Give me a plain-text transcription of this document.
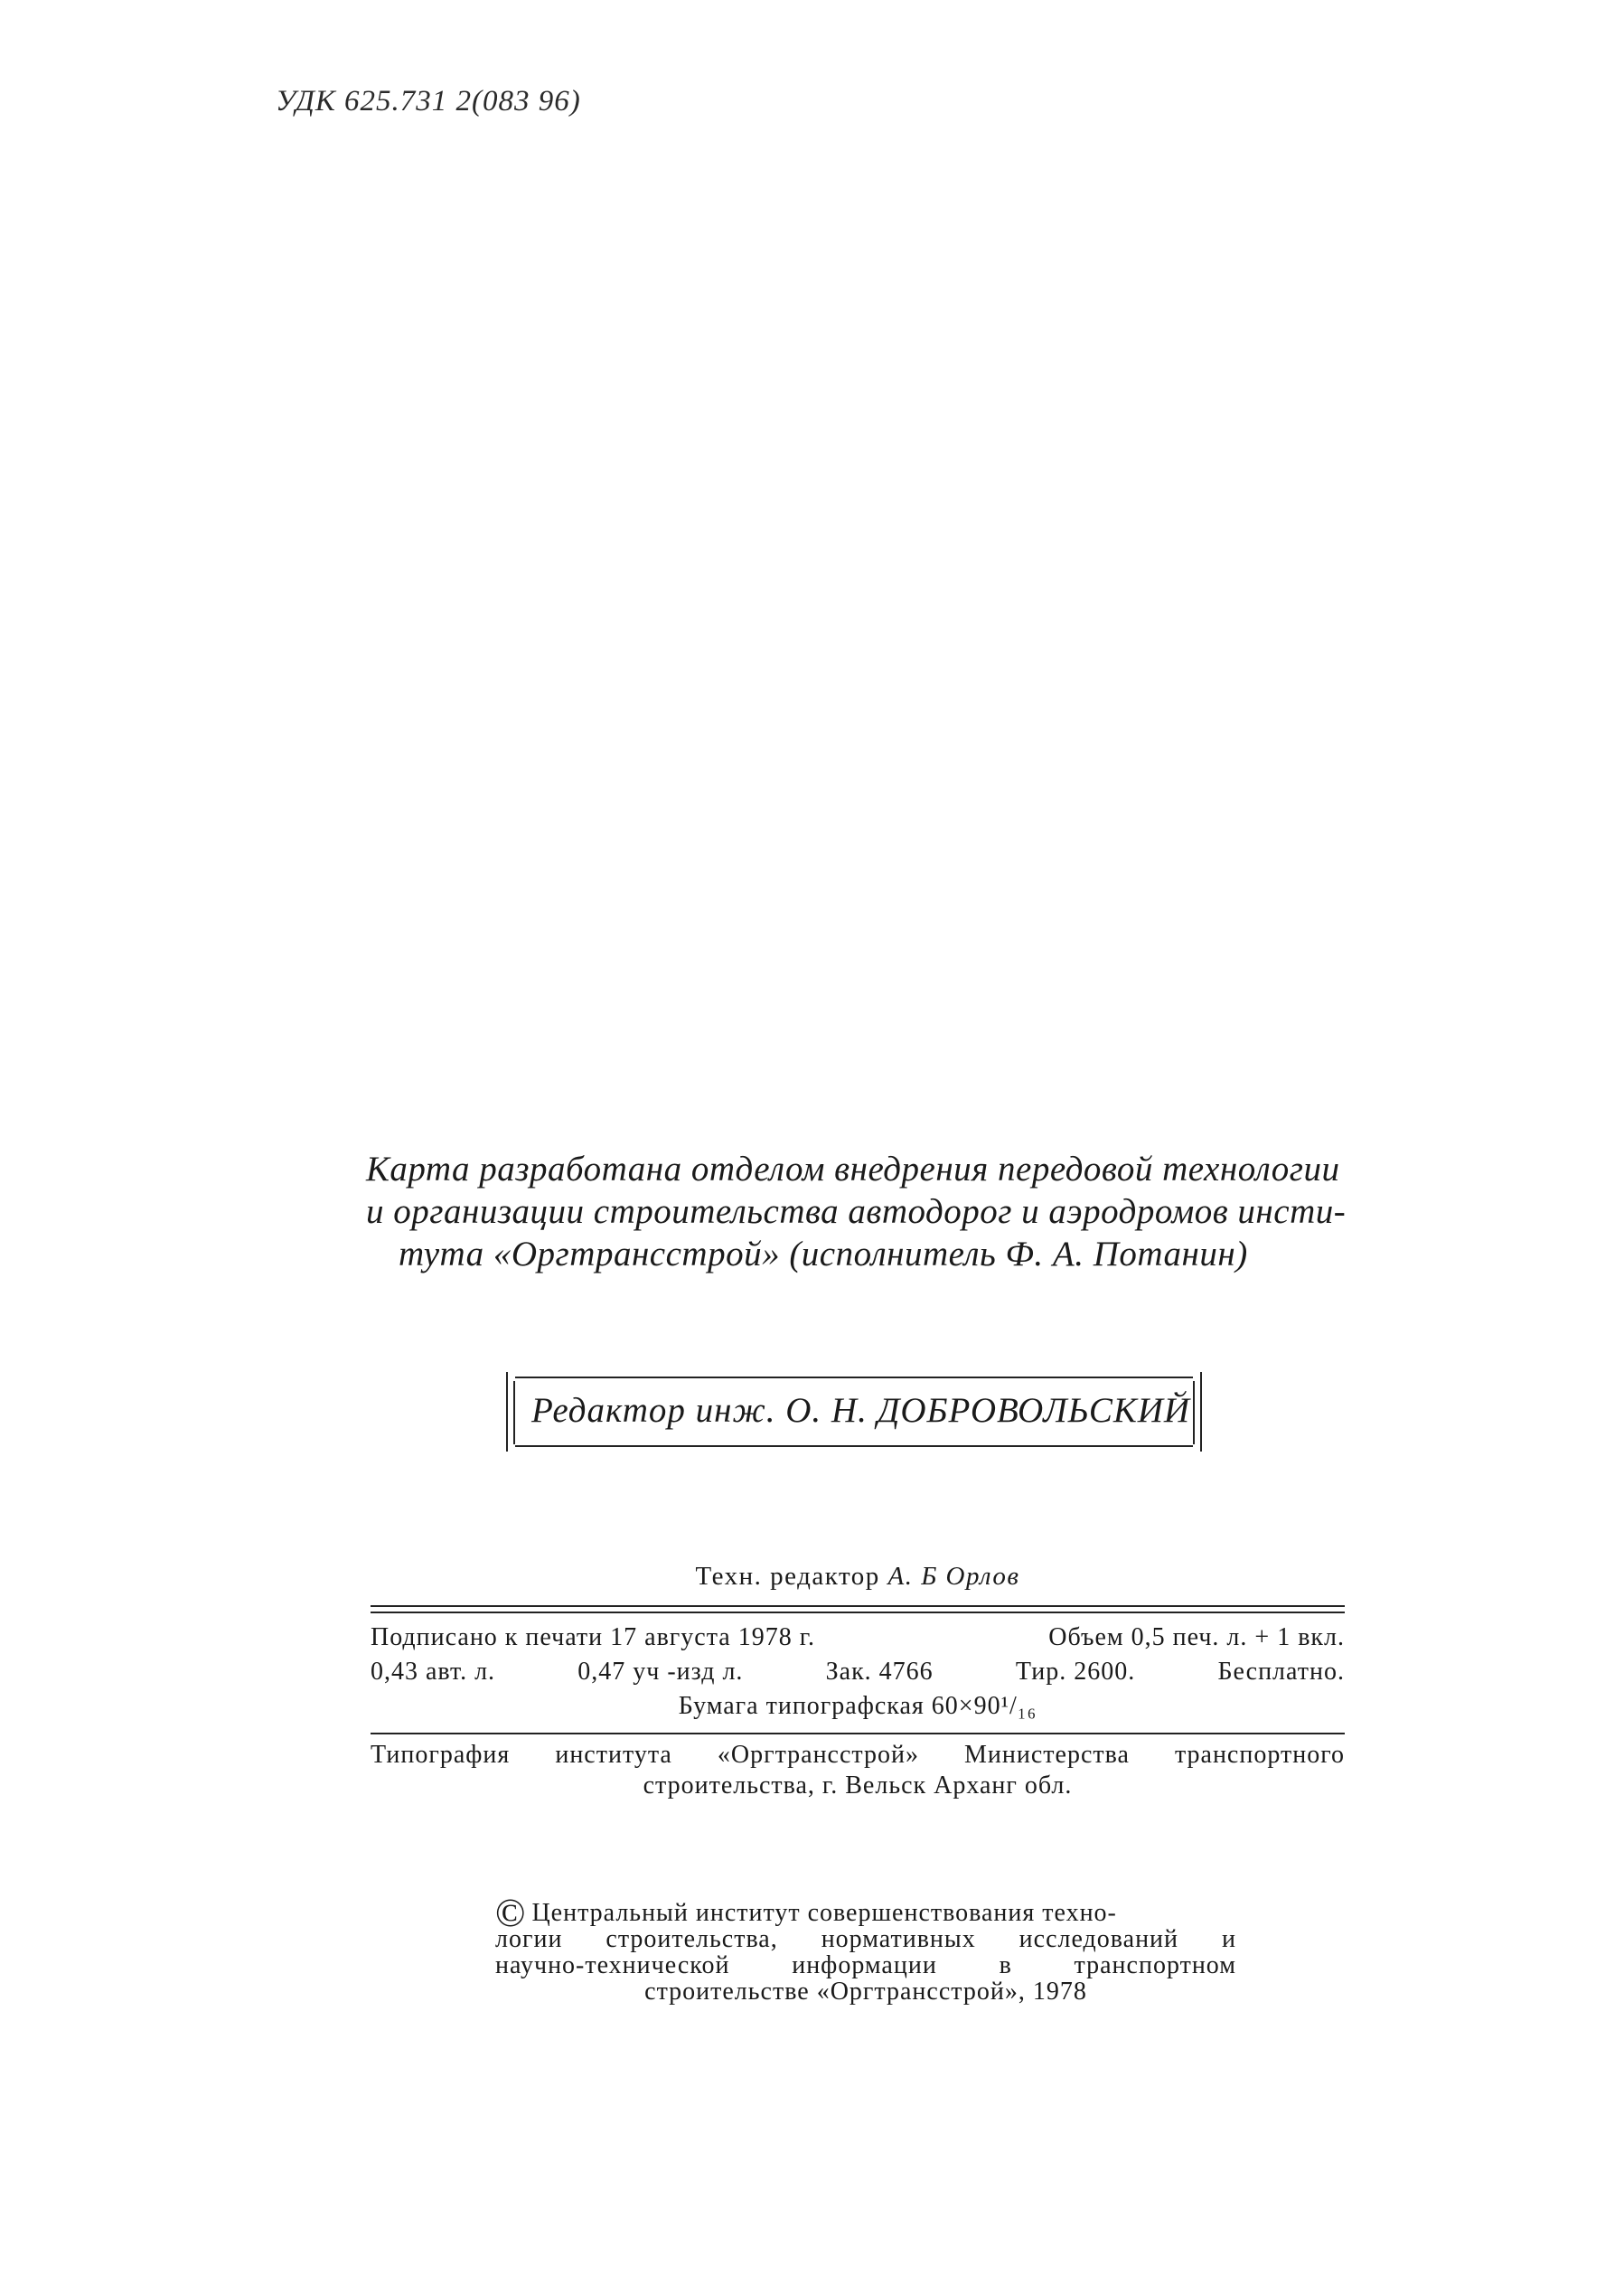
УДК 625.731 2(083 96)
Карта разработана отделом внедрения передовой технологии
и организации строительства автодорог и аэродромов инсти-
тута «Оргтрансстрой» (исполнитель Ф. А. Потанин)
Редактор инж. О. Н. ДОБРОВОЛЬСКИЙ
Техн. редактор А. Б Орлов
Подписано к печати 17 августа 1978 г.	Объем 0,5 печ. л. + 1 вкл.
0,43 авт. л.	0,47 уч -изд л.	Зак. 4766	Тир. 2600.	Бесплатно.
Бумага типографская 60×90¹/₁₆
Типография института «Оргтрансстрой» Министерства транспортного
строительства, г. Вельск Арханг обл.
© Центральный институт совершенствования техно-
логии строительства, нормативных исследований и
научно-технической информации в транспортном
строительстве «Оргтрансстрой», 1978
